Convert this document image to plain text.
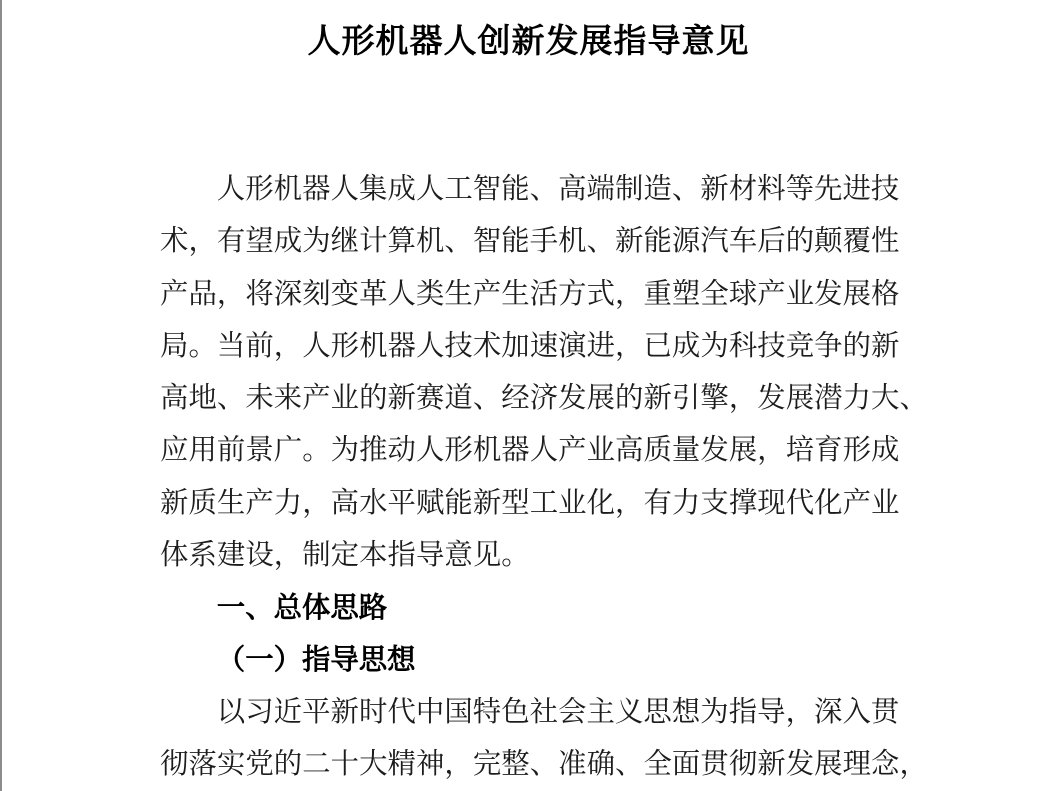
人形机器人创新发展指导意见
人形机器人集成人工智能、高端制造、新材料等先进技
术，有望成为继计算机、智能手机、新能源汽车后的颠覆性
产品，将深刻变革人类生产生活方式，重塑全球产业发展格
局。当前，人形机器人技术加速演进，已成为科技竞争的新
高地、未来产业的新赛道、经济发展的新引擎，发展潜力大、
应用前景广。为推动人形机器人产业高质量发展，培育形成
新质生产力，高水平赋能新型工业化，有力支撑现代化产业
体系建设，制定本指导意见。
一、总体思路
（一）指导思想
以习近平新时代中国特色社会主义思想为指导，深入贯
彻落实党的二十大精神，完整、准确、全面贯彻新发展理念，
